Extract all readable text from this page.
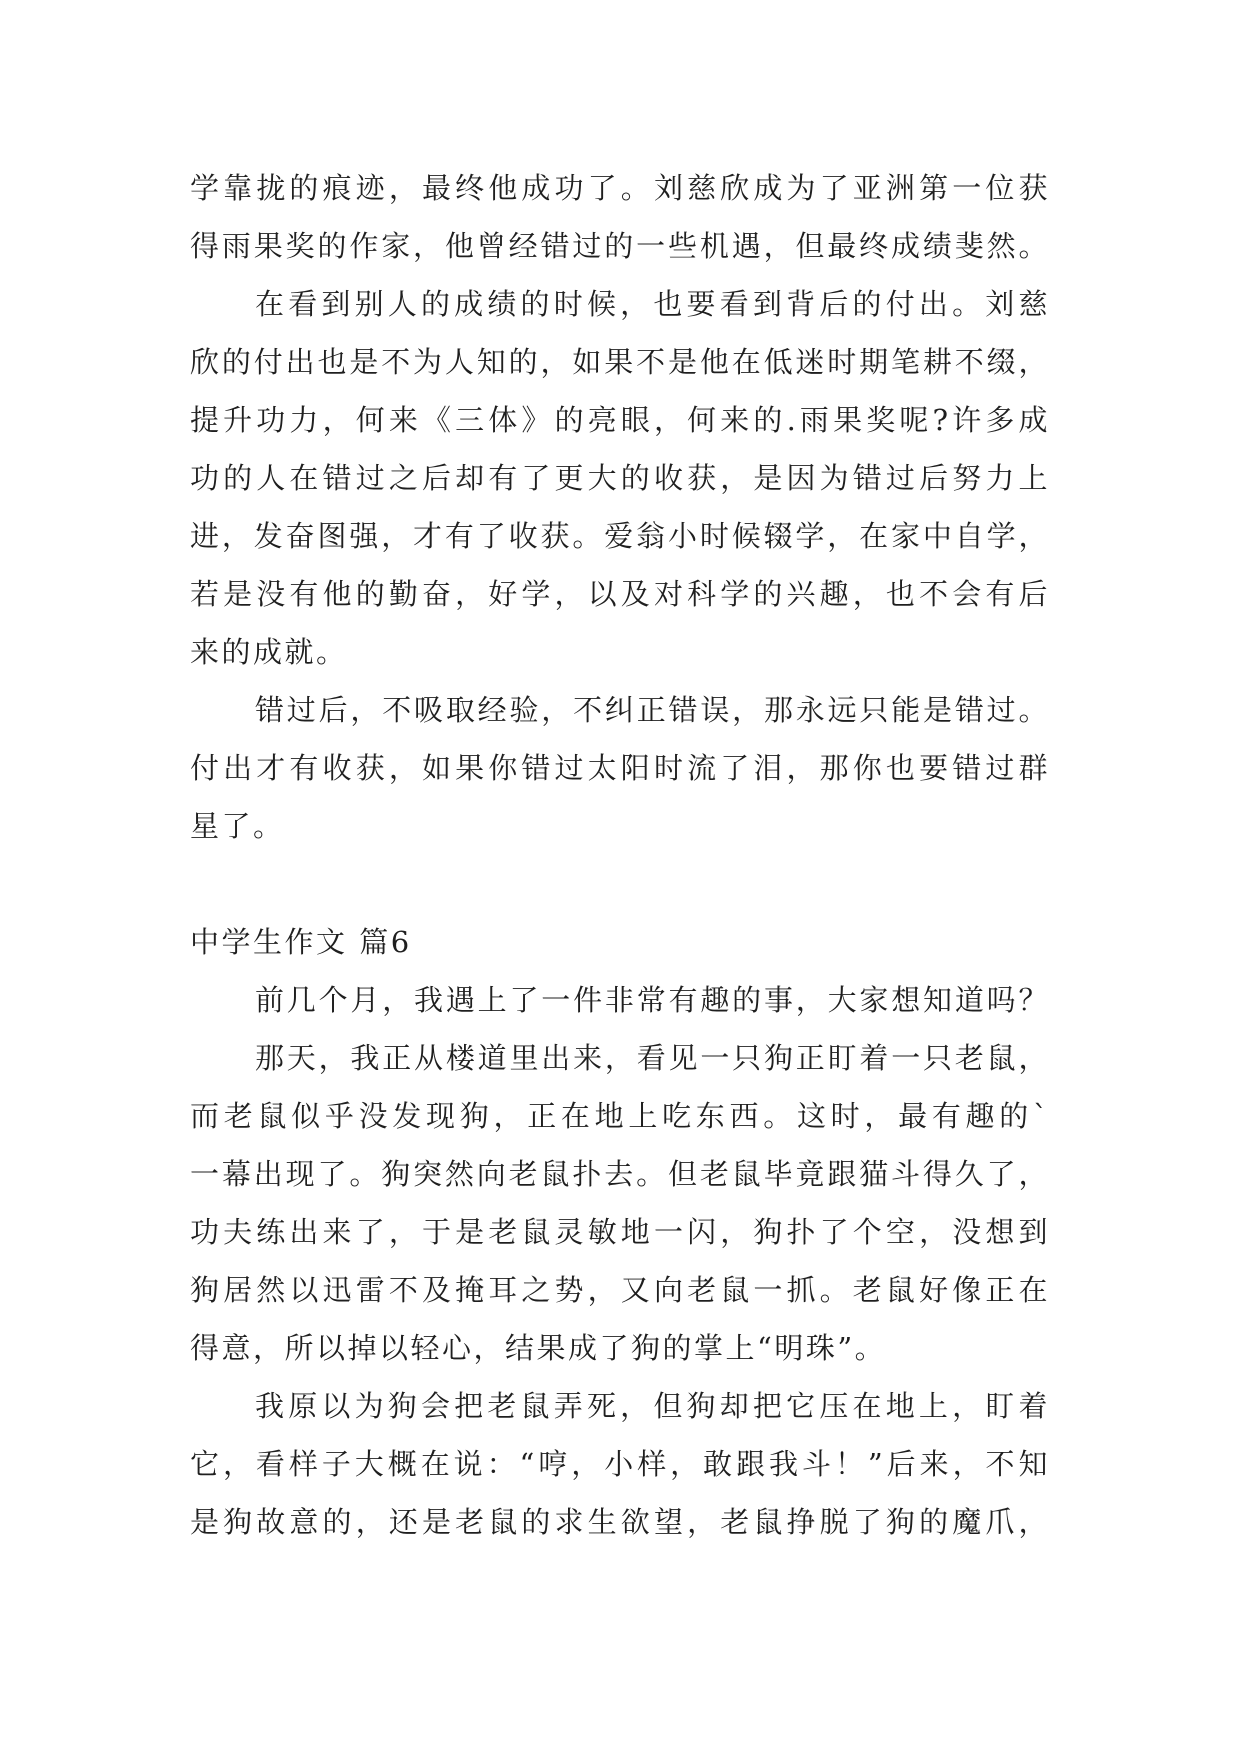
学靠拢的痕迹，最终他成功了。刘慈欣成为了亚洲第一位获

得雨果奖的作家，他曾经错过的一些机遇，但最终成绩斐然。

在看到别人的成绩的时候，也要看到背后的付出。刘慈

欣的付出也是不为人知的，如果不是他在低迷时期笔耕不缀，

提升功力，何来《三体》的亮眼，何来的.雨果奖呢?许多成

功的人在错过之后却有了更大的收获，是因为错过后努力上

进，发奋图强，才有了收获。爱翁小时候辍学，在家中自学，

若是没有他的勤奋，好学，以及对科学的兴趣，也不会有后

来的成就。

错过后，不吸取经验，不纠正错误，那永远只能是错过。

付出才有收获，如果你错过太阳时流了泪，那你也要错过群

星了。

中学生作文 篇6

前几个月，我遇上了一件非常有趣的事，大家想知道吗？

那天，我正从楼道里出来，看见一只狗正盯着一只老鼠，

而老鼠似乎没发现狗，正在地上吃东西。这时，最有趣的`

一幕出现了。狗突然向老鼠扑去。但老鼠毕竟跟猫斗得久了，

功夫练出来了，于是老鼠灵敏地一闪，狗扑了个空，没想到

狗居然以迅雷不及掩耳之势，又向老鼠一抓。老鼠好像正在

得意，所以掉以轻心，结果成了狗的掌上“明珠”。

我原以为狗会把老鼠弄死，但狗却把它压在地上，盯着

它，看样子大概在说：“哼，小样，敢跟我斗！”后来，不知

是狗故意的，还是老鼠的求生欲望，老鼠挣脱了狗的魔爪，
